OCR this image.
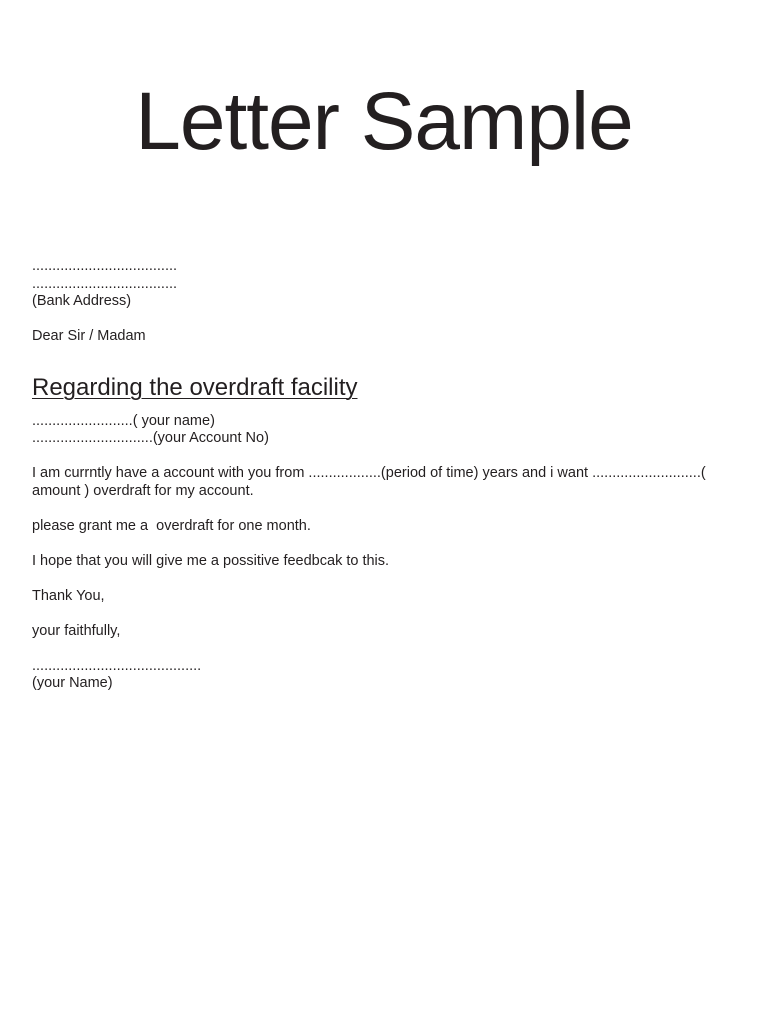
Letter Sample
....................................
....................................
(Bank Address)
Dear Sir / Madam
Regarding the overdraft facility
.........................( your name)
..............................(your Account No)
I am currntly have a account with you from ..................(period of time) years and i want ...........................( amount ) overdraft for my account.
please grant me a  overdraft for one month.
I hope that you will give me a possitive feedbcak to this.
Thank You,
your faithfully,
..........................................
(your Name)
